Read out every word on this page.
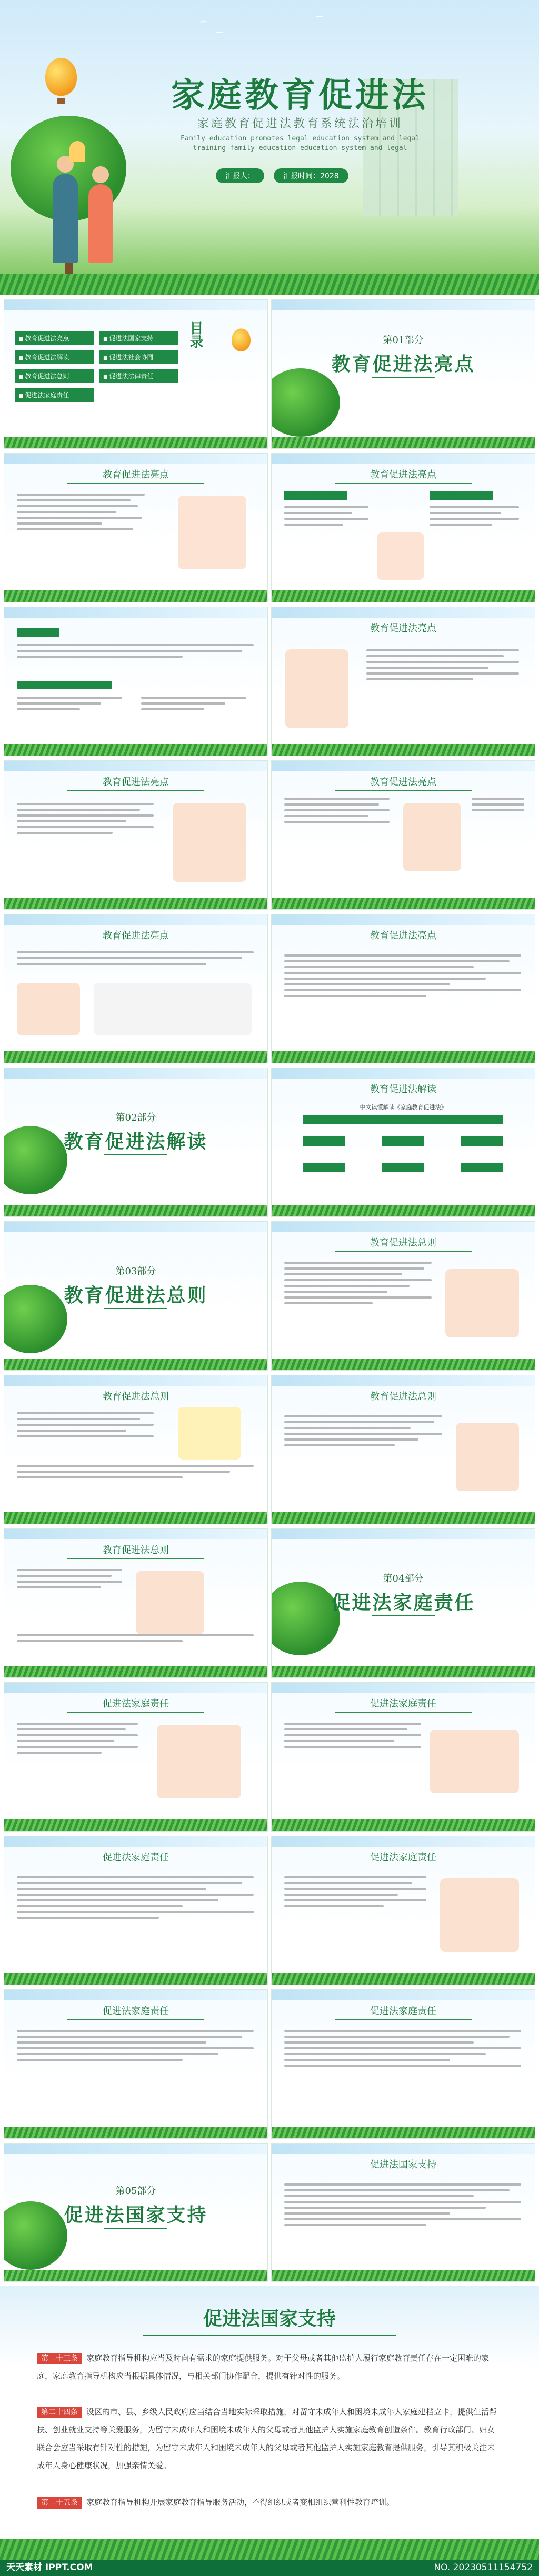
家庭教育促进法
家庭教育促进法教育系统法治培训
Family education promotes legal education system and legal
training family education education system and legal
汇报人：	汇报时间：2028
■ 教育促进法亮点	■ 促进法国家支持
■ 教育促进法解读	■ 促进法社会协同
■ 教育促进法总则	■ 促进法法律责任
■ 促进法家庭责任
目录	第01部分
教育促进法亮点
教育促进法亮点	教育促进法亮点
教育促进法亮点
教育促进法亮点	教育促进法亮点
教育促进法亮点	教育促进法亮点
第02部分
教育促进法解读
教育促进法解读
中文读懂解读《家庭教育促进法》
第03部分
教育促进法总则
教育促进法总则
教育促进法总则	教育促进法总则
教育促进法总则
第04部分
促进法家庭责任
促进法家庭责任	促进法家庭责任
促进法家庭责任	促进法家庭责任
促进法家庭责任	促进法家庭责任
第05部分
促进法国家支持
促进法国家支持
促进法国家支持
第二十三条 家庭教育指导机构应当及时向有需求的家庭提供服务。对于父母或者其他监护人履行家庭教育责任存在一定困难的家庭，家庭教育指导机构应当根据具体情况，与相关部门协作配合，提供有针对性的服务。
第二十四条 设区的市、县、乡级人民政府应当结合当地实际采取措施，对留守未成年人和困境未成年人家庭建档立卡，提供生活帮扶、创业就业支持等关爱服务，为留守未成年人和困境未成年人的父母或者其他监护人实施家庭教育创造条件。教育行政部门、妇女联合会应当采取有针对性的措施，为留守未成年人和困境未成年人的父母或者其他监护人实施家庭教育提供服务，引导其积极关注未成年人身心健康状况，加强亲情关爱。
第二十五条 家庭教育指导机构开展家庭教育指导服务活动，不得组织或者变相组织营利性教育培训。
天天素材 IPPT.COM	NO. 20230511154752
